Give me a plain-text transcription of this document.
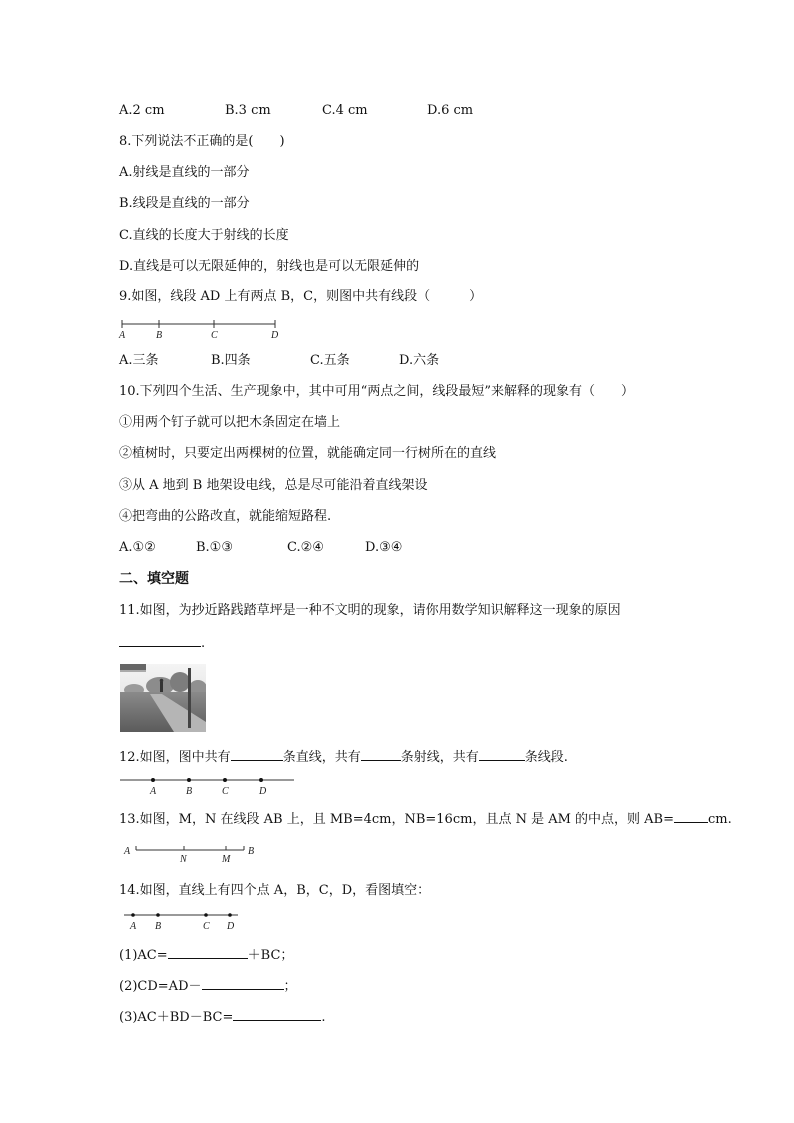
A.2 cm	B.3 cm	C.4 cm	D.6 cm
8.下列说法不正确的是(　　)
A.射线是直线的一部分
B.线段是直线的一部分
C.直线的长度大于射线的长度
D.直线是可以无限延伸的，射线也是可以无限延伸的
9.如图，线段 AD 上有两点 B，C，则图中共有线段（　　　）
A	B	C	D
A.三条	B.四条	C.五条	D.六条
10.下列四个生活、生产现象中，其中可用“两点之间，线段最短”来解释的现象有（　　）
①用两个钉子就可以把木条固定在墙上
②植树时，只要定出两棵树的位置，就能确定同一行树所在的直线
③从 A 地到 B 地架设电线，总是尽可能沿着直线架设
④把弯曲的公路改直，就能缩短路程.
A.①②	B.①③	C.②④	D.③④
二、填空题
11.如图，为抄近路践踏草坪是一种不文明的现象，请你用数学知识解释这一现象的原因
.
12.如图，图中共有	条直线，共有	条射线，共有	条线段.
A	B	C	D
13.如图，M，N 在线段 AB 上，且 MB=4cm，NB=16cm，且点 N 是 AM 的中点，则 AB=	cm.
A
N	M
B
14.如图，直线上有四个点 A，B，C，D，看图填空：
A B	C D
(1)AC=	＋BC；
(2)CD=AD－	；
(3)AC＋BD－BC=	.
